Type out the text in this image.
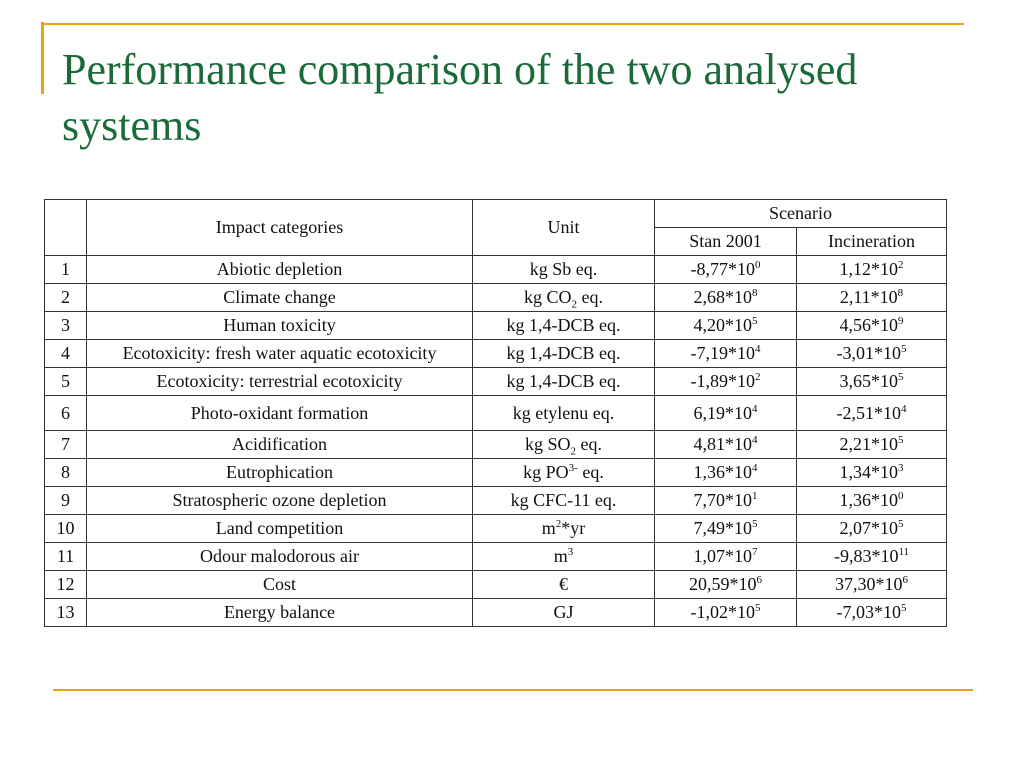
Performance comparison of the two analysed systems
	Impact categories	Unit	Scenario	
			Stan 2001	Incineration
1	Abiotic depletion	kg Sb eq.	$-8,77*10^0$	$1,12*10^2$
2	Climate change	kg $CO_2$ eq.	$2,68*10^8$	$2,11*10^8$
3	Human toxicity	kg 1,4-DCB eq.	$4,20*10^5$	$4,56*10^9$
4	Ecotoxicity: fresh water aquatic ecotoxicity	kg 1,4-DCB eq.	$-7,19*10^4$	$-3,01*10^5$
5	Ecotoxicity: terrestrial ecotoxicity	kg 1,4-DCB eq.	$-1,89*10^2$	$3,65*10^5$
6	Photo-oxidant formation	kg etylenu eq.	$6,19*10^4$	$-2,51*10^4$
7	Acidification	kg $SO_2$ eq.	$4,81*10^4$	$2,21*10^5$
8	Eutrophication	kg $PO^{3-}$ eq.	$1,36*10^4$	$1,34*10^3$
9	Stratospheric ozone depletion	kg CFC-11 eq.	$7,70*10^1$	$1,36*10^0$
10	Land competition	$m^2*yr$	$7,49*10^5$	$2,07*10^5$
11	Odour malodorous air	$m^3$	$1,07*10^7$	$-9,83*10^{11}$
12	Cost	€	$20,59*10^6$	$37,30*10^6$
13	Energy balance	GJ	$-1,02*10^5$	$-7,03*10^5$
